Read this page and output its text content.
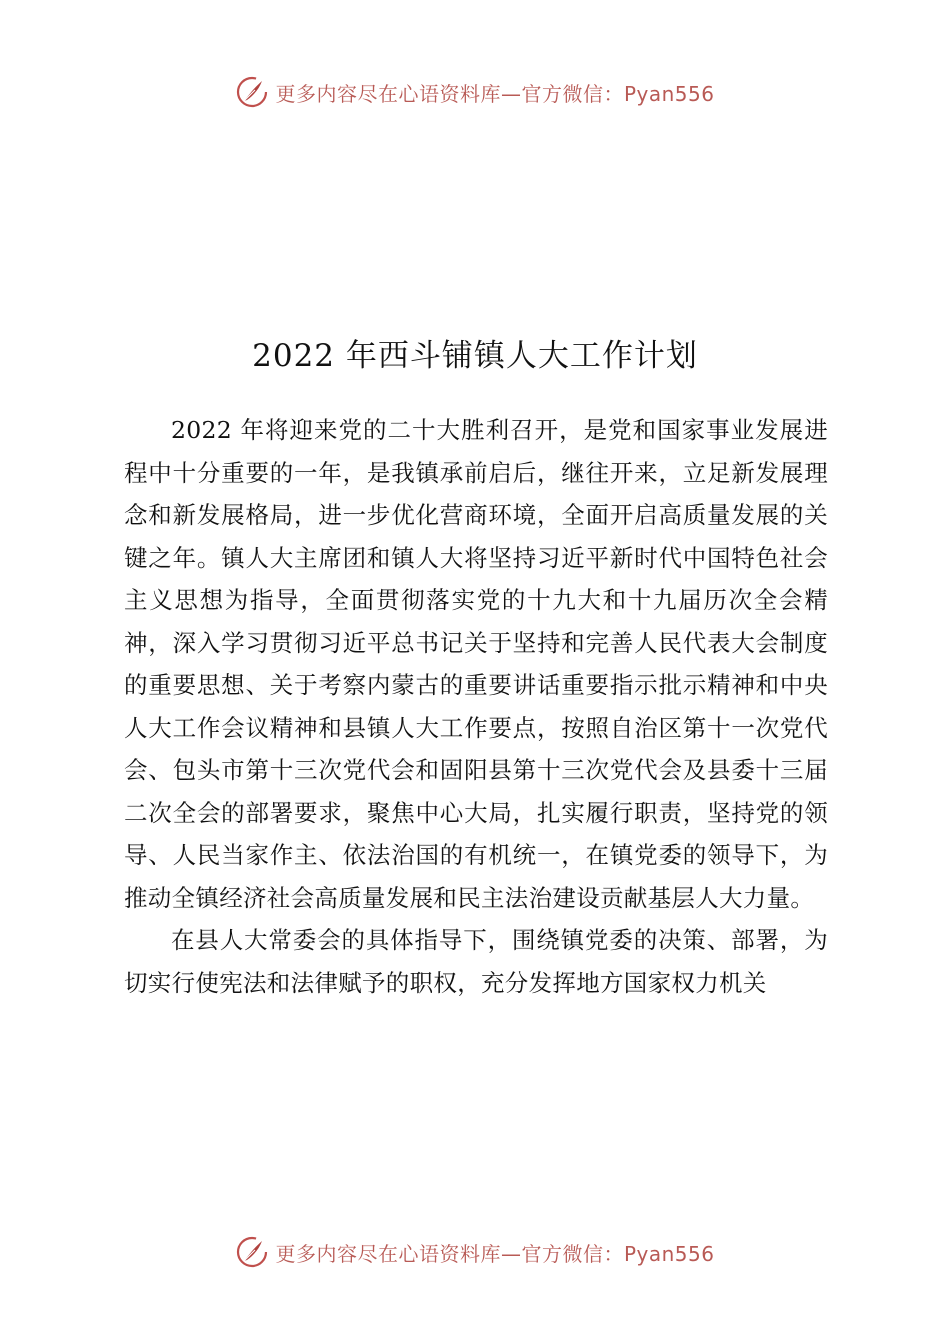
更多内容尽在心语资料库—官方微信：Pyan556
2022 年西斗铺镇人大工作计划

2022 年将迎来党的二十大胜利召开，是党和国家事业发展进程中十分重要的一年，是我镇承前启后，继往开来，立足新发展理念和新发展格局，进一步优化营商环境，全面开启高质量发展的关键之年。镇人大主席团和镇人大将坚持习近平新时代中国特色社会主义思想为指导，全面贯彻落实党的十九大和十九届历次全会精神，深入学习贯彻习近平总书记关于坚持和完善人民代表大会制度的重要思想、关于考察内蒙古的重要讲话重要指示批示精神和中央人大工作会议精神和县镇人大工作要点，按照自治区第十一次党代会、包头市第十三次党代会和固阳县第十三次党代会及县委十三届二次全会的部署要求，聚焦中心大局，扎实履行职责，坚持党的领导、人民当家作主、依法治国的有机统一，在镇党委的领导下，为推动全镇经济社会高质量发展和民主法治建设贡献基层人大力量。

在县人大常委会的具体指导下，围绕镇党委的决策、部署，为切实行使宪法和法律赋予的职权，充分发挥地方国家权力机关

更多内容尽在心语资料库—官方微信：Pyan556
